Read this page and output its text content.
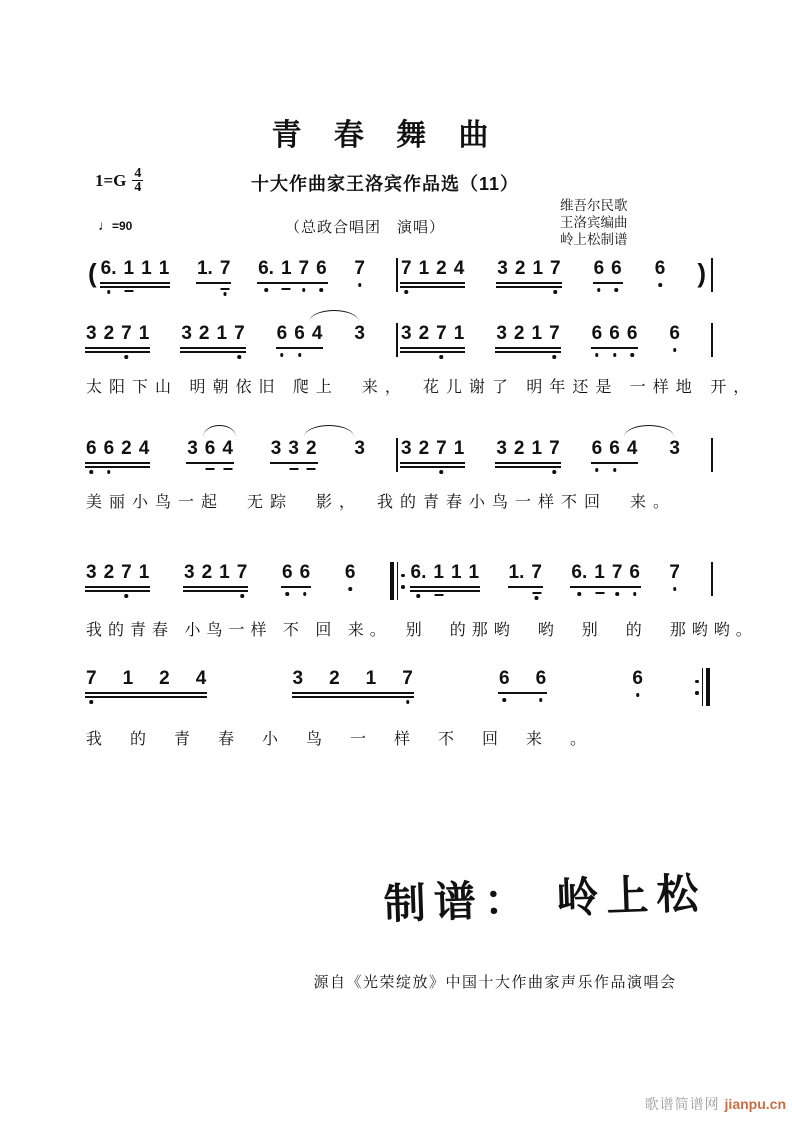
青 春 舞 曲
$1=G \frac{4}{4}$	十大作曲家王洛宾作品选（11）
♩=90	（总政合唱团　演唱）
维吾尔民歌
王洛宾编曲
岭上松制谱
( 6. 1 1 1 1. 7 6. 1 7 6 7 7 1 2 4 3 2 1 7 6 6 6 )
3 2 7 1 3 2 1 7 6 6 4 3 3 2 7 1 3 2 1 7 6 6 6 6
太阳下山 明朝依旧 爬上　来，　花儿谢了 明年还是 一样地 开，
6 6 2 4 3 6 4 3 3 2 3 3 2 7 1 3 2 1 7 6 6 4 3
美丽小鸟一起　无踪　影，　我的青春小鸟一样不回　来。
3 2 7 1 3 2 1 7 6 6 6	6. 1 1 1 1. 7 6. 1 7 6 7
我的青春 小鸟一样 不 回 来。　别　的那哟　哟　别　的　那哟哟。
7 1 2 4	3 2 1 7	6 6	6
我的青春小鸟一样不回来。
制谱： 岭上松
源自《光荣绽放》中国十大作曲家声乐作品演唱会
歌谱简谱网 jianpu.cn
